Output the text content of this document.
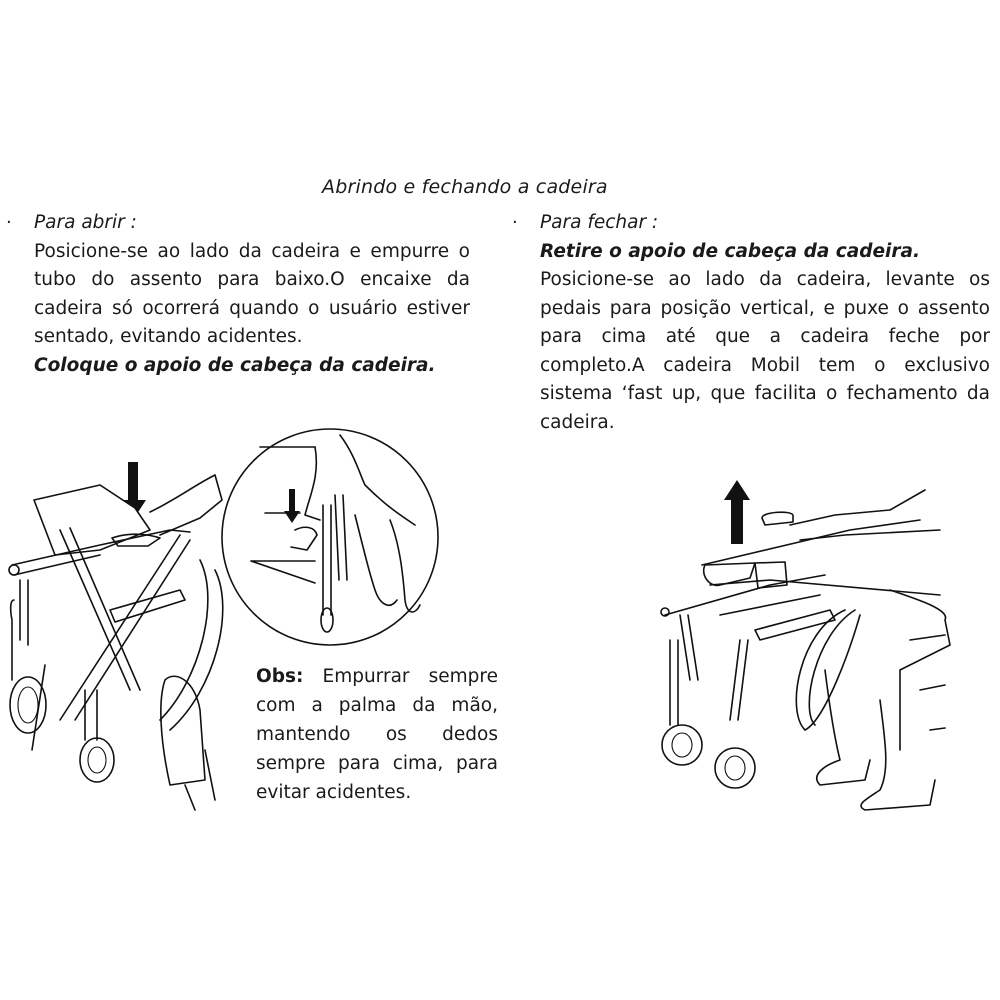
Abrindo e fechando a cadeira
· Para abrir :
Posicione-se ao lado da cadeira e empurre o tubo do assento para baixo.O encaixe da cadeira só ocorrerá quando o usuário estiver sentado, evitando acidentes.
Coloque o apoio de cabeça da cadeira.
· Para fechar :
Retire o apoio de cabeça da cadeira.
Posicione-se ao lado da cadeira, levante os pedais para posição vertical, e puxe o assento para cima até que a cadeira feche por completo.A cadeira Mobil tem o exclusivo sistema ‘fast up, que facilita o fechamento da cadeira.
Obs: Empurrar sempre com a palma da mão, mantendo os dedos sempre para cima, para evitar acidentes.
